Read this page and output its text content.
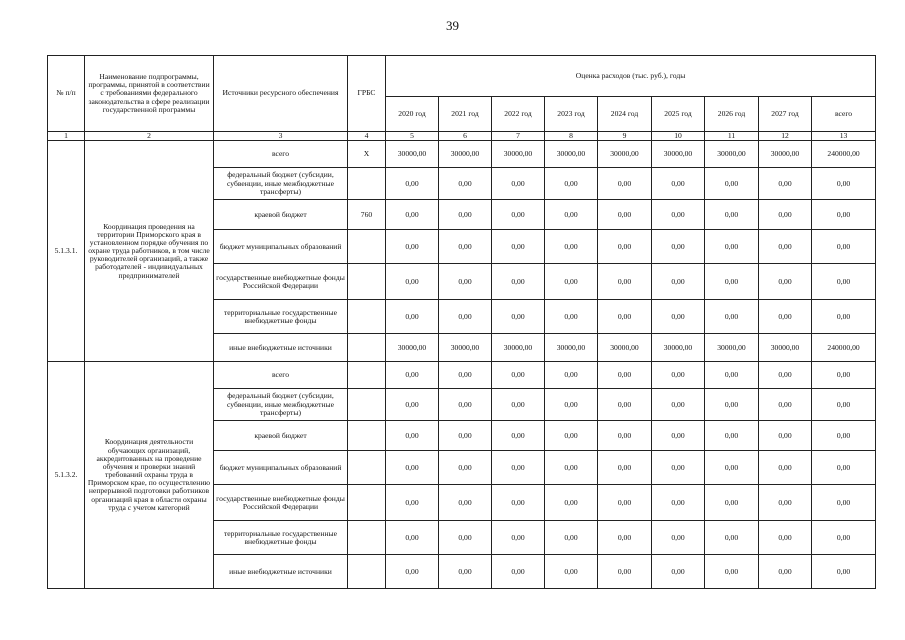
39
№ п/п	Наименование подпрограммы, программы, принятой в соответствии с требованиями федерального законодательства в сфере реализации государственной программы	Источники ресурсного обеспечения	ГРБС	Оценка расходов (тыс. руб.), годы								
				2020 год	2021 год	2022 год	2023 год	2024 год	2025 год	2026 год	2027 год	всего
1	2	3	4	5	6	7	8	9	10	11	12	13
5.1.3.1.	Координация проведения на территории Приморского края в установленном порядке обучения по охране труда работников, в том числе руководителей организаций, а также работодателей - индивидуальных предпринимателей	всего	X	30000,00	30000,00	30000,00	30000,00	30000,00	30000,00	30000,00	30000,00	240000,00
		федеральный бюджет (субсидии, субвенции, иные межбюджетные трансферты)		0,00	0,00	0,00	0,00	0,00	0,00	0,00	0,00	0,00
		краевой бюджет	760	0,00	0,00	0,00	0,00	0,00	0,00	0,00	0,00	0,00
		бюджет муниципальных образований		0,00	0,00	0,00	0,00	0,00	0,00	0,00	0,00	0,00
		государственные внебюджетные фонды Российской Федерации		0,00	0,00	0,00	0,00	0,00	0,00	0,00	0,00	0,00
		территориальные государственные внебюджетные фонды		0,00	0,00	0,00	0,00	0,00	0,00	0,00	0,00	0,00
		иные внебюджетные источники		30000,00	30000,00	30000,00	30000,00	30000,00	30000,00	30000,00	30000,00	240000,00
5.1.3.2.	Координация деятельности обучающих организаций, аккредитованных на проведение обучения и проверки знаний требований охраны труда в Приморском крае, по осуществлению непрерывной подготовки работников организаций края в области охраны труда с учетом категорий	всего		0,00	0,00	0,00	0,00	0,00	0,00	0,00	0,00	0,00
		федеральный бюджет (субсидии, субвенции, иные межбюджетные трансферты)		0,00	0,00	0,00	0,00	0,00	0,00	0,00	0,00	0,00
		краевой бюджет		0,00	0,00	0,00	0,00	0,00	0,00	0,00	0,00	0,00
		бюджет муниципальных образований		0,00	0,00	0,00	0,00	0,00	0,00	0,00	0,00	0,00
		государственные внебюджетные фонды Российской Федерации		0,00	0,00	0,00	0,00	0,00	0,00	0,00	0,00	0,00
		территориальные государственные внебюджетные фонды		0,00	0,00	0,00	0,00	0,00	0,00	0,00	0,00	0,00
		иные внебюджетные источники		0,00	0,00	0,00	0,00	0,00	0,00	0,00	0,00	0,00
